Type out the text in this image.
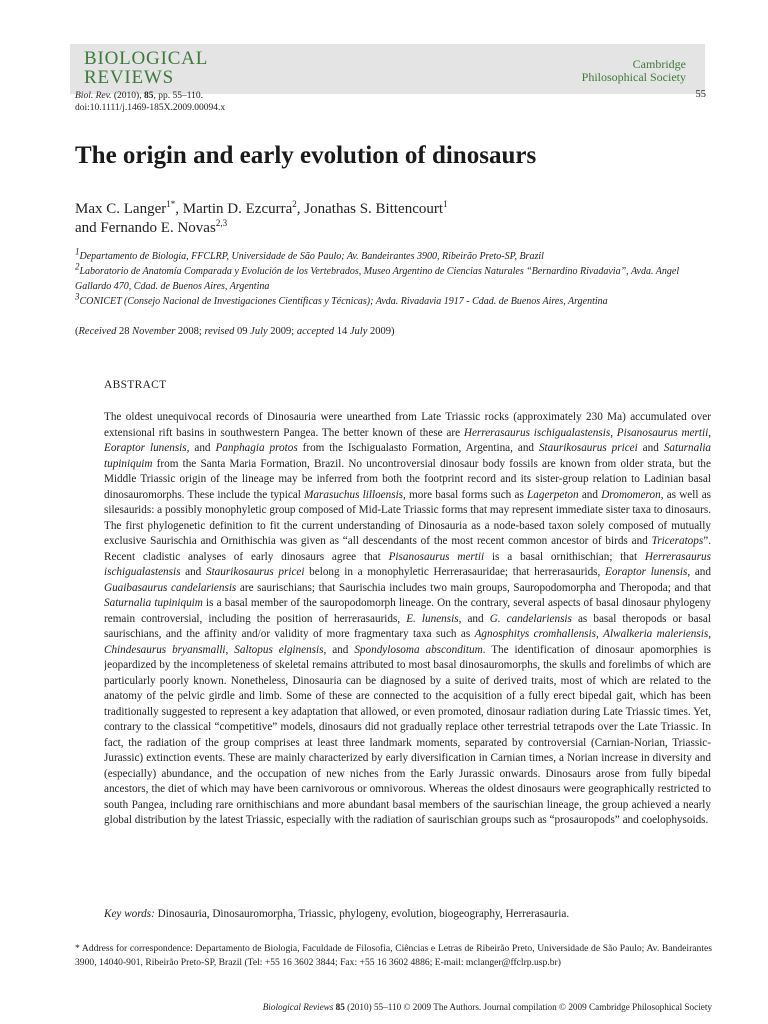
BIOLOGICAL
REVIEWS
Cambridge
Philosophical Society
Biol. Rev. (2010), 85, pp. 55–110.
doi:10.1111/j.1469-185X.2009.00094.x
55
The origin and early evolution of dinosaurs
Max C. Langer$^{1*}$, Martin D. Ezcurra$^2$, Jonathas S. Bittencourt$^1$
and Fernando E. Novas$^{2,3}$
$^1$Departamento de Biologia, FFCLRP, Universidade de São Paulo; Av. Bandeirantes 3900, Ribeirão Preto-SP, Brazil
$^2$Laboratorio de Anatomía Comparada y Evolución de los Vertebrados, Museo Argentino de Ciencias Naturales “Bernardino Rivadavia”, Avda. Angel Gallardo 470, Cdad. de Buenos Aires, Argentina
$^3$CONICET (Consejo Nacional de Investigaciones Científicas y Técnicas); Avda. Rivadavia 1917 - Cdad. de Buenos Aires, Argentina
(Received 28 November 2008; revised 09 July 2009; accepted 14 July 2009)
ABSTRACT
The oldest unequivocal records of Dinosauria were unearthed from Late Triassic rocks (approximately 230 Ma) accumulated over extensional rift basins in southwestern Pangea. The better known of these are Herrerasaurus ischigualastensis, Pisanosaurus mertii, Eoraptor lunensis, and Panphagia protos from the Ischigualasto Formation, Argentina, and Staurikosaurus pricei and Saturnalia tupiniquim from the Santa Maria Formation, Brazil. No uncontroversial dinosaur body fossils are known from older strata, but the Middle Triassic origin of the lineage may be inferred from both the footprint record and its sister-group relation to Ladinian basal dinosauromorphs. These include the typical Marasuchus lilloensis, more basal forms such as Lagerpeton and Dromomeron, as well as silesaurids: a possibly monophyletic group composed of Mid-Late Triassic forms that may represent immediate sister taxa to dinosaurs. The first phylogenetic definition to fit the current understanding of Dinosauria as a node-based taxon solely composed of mutually exclusive Saurischia and Ornithischia was given as “all descendants of the most recent common ancestor of birds and Triceratops”. Recent cladistic analyses of early dinosaurs agree that Pisanosaurus mertii is a basal ornithischian; that Herrerasaurus ischigualastensis and Staurikosaurus pricei belong in a monophyletic Herrerasauridae; that herrerasaurids, Eoraptor lunensis, and Guaibasaurus candelariensis are saurischians; that Saurischia includes two main groups, Sauropodomorpha and Theropoda; and that Saturnalia tupiniquim is a basal member of the sauropodomorph lineage. On the contrary, several aspects of basal dinosaur phylogeny remain controversial, including the position of herrerasaurids, E. lunensis, and G. candelariensis as basal theropods or basal saurischians, and the affinity and/or validity of more fragmentary taxa such as Agnosphitys cromhallensis, Alwalkeria maleriensis, Chindesaurus bryansmalli, Saltopus elginensis, and Spondylosoma absconditum. The identification of dinosaur apomorphies is jeopardized by the incompleteness of skeletal remains attributed to most basal dinosauromorphs, the skulls and forelimbs of which are particularly poorly known. Nonetheless, Dinosauria can be diagnosed by a suite of derived traits, most of which are related to the anatomy of the pelvic girdle and limb. Some of these are connected to the acquisition of a fully erect bipedal gait, which has been traditionally suggested to represent a key adaptation that allowed, or even promoted, dinosaur radiation during Late Triassic times. Yet, contrary to the classical “competitive” models, dinosaurs did not gradually replace other terrestrial tetrapods over the Late Triassic. In fact, the radiation of the group comprises at least three landmark moments, separated by controversial (Carnian-Norian, Triassic-Jurassic) extinction events. These are mainly characterized by early diversification in Carnian times, a Norian increase in diversity and (especially) abundance, and the occupation of new niches from the Early Jurassic onwards. Dinosaurs arose from fully bipedal ancestors, the diet of which may have been carnivorous or omnivorous. Whereas the oldest dinosaurs were geographically restricted to south Pangea, including rare ornithischians and more abundant basal members of the saurischian lineage, the group achieved a nearly global distribution by the latest Triassic, especially with the radiation of saurischian groups such as “prosauropods” and coelophysoids.
Key words: Dinosauria, Dinosauromorpha, Triassic, phylogeny, evolution, biogeography, Herrerasauria.
* Address for correspondence: Departamento de Biologia, Faculdade de Filosofia, Ciências e Letras de Ribeirão Preto, Universidade de São Paulo; Av. Bandeirantes 3900, 14040-901, Ribeirão Preto-SP, Brazil (Tel: +55 16 3602 3844; Fax: +55 16 3602 4886; E-mail: mclanger@ffclrp.usp.br)
Biological Reviews 85 (2010) 55–110 © 2009 The Authors. Journal compilation © 2009 Cambridge Philosophical Society
